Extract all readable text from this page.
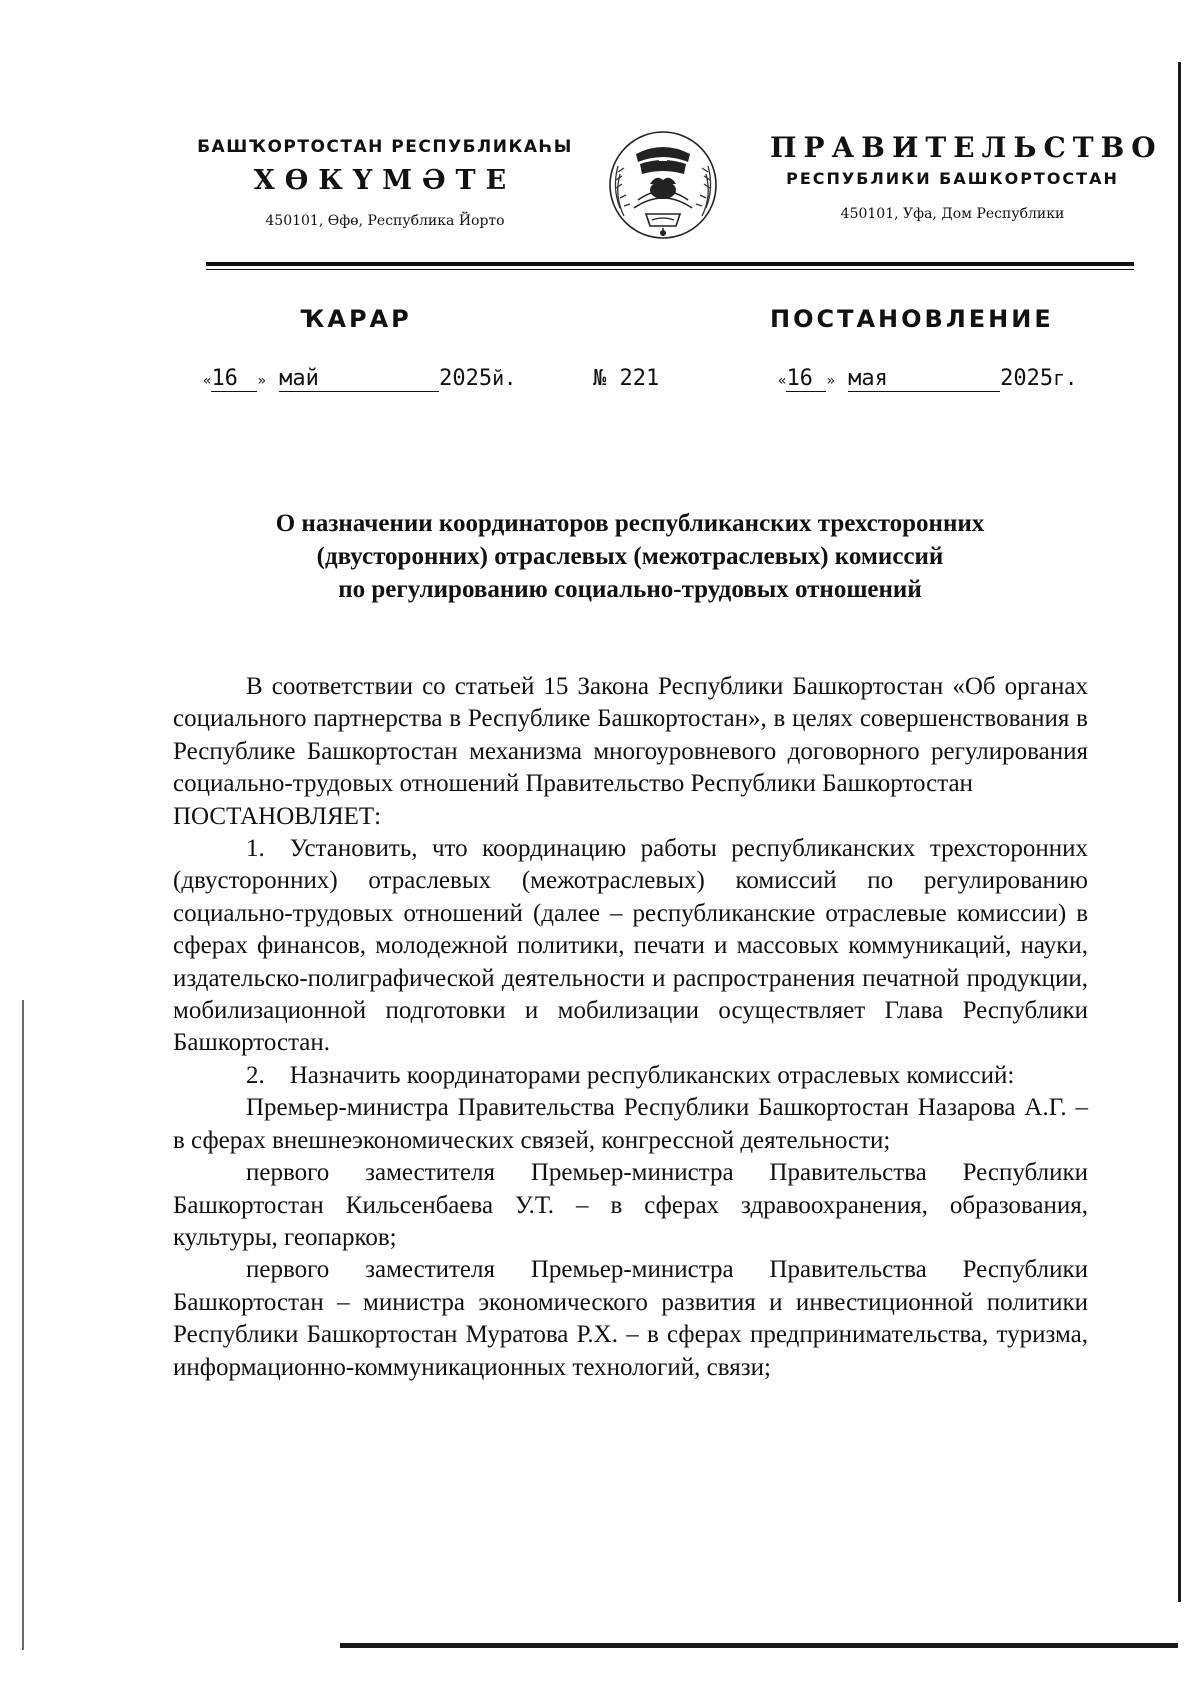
БАШҠОРТОСТАН РЕСПУБЛИКАҺЫ
ХӨКҮМӘТЕ
450101, Өфө, Республика Йорто
ПРАВИТЕЛЬСТВО
РЕСПУБЛИКИ БАШКОРТОСТАН
450101, Уфа, Дом Республики
ҠАРАР	ПОСТАНОВЛЕНИЕ
«16 » май	2025й.	№ 221	«16 » мая	2025г.
О назначении координаторов республиканских трехсторонних
(двусторонних) отраслевых (межотраслевых) комиссий
по регулированию социально-трудовых отношений

В соответствии со статьей 15 Закона Республики Башкортостан «Об органах социального партнерства в Республике Башкортостан», в целях совершенствования в Республике Башкортостан механизма многоуровневого договорного регулирования социально-трудовых отношений Правительство Республики Башкортостан

ПОСТАНОВЛЯЕТ:

1. Установить, что координацию работы республиканских трехсторонних (двусторонних) отраслевых (межотраслевых) комиссий по регулированию социально-трудовых отношений (далее – республиканские отраслевые комиссии) в сферах финансов, молодежной политики, печати и массовых коммуникаций, науки, издательско-полиграфической деятельности и распространения печатной продукции, мобилизационной подготовки и мобилизации осуществляет Глава Республики Башкортостан.

2. Назначить координаторами республиканских отраслевых комиссий:

Премьер-министра Правительства Республики Башкортостан Назарова А.Г. – в сферах внешнеэкономических связей, конгрессной деятельности;

первого заместителя Премьер-министра Правительства Республики Башкортостан Кильсенбаева У.Т. – в сферах здравоохранения, образования, культуры, геопарков;

первого заместителя Премьер-министра Правительства Республики Башкортостан – министра экономического развития и инвестиционной политики Республики Башкортостан Муратова Р.Х. – в сферах предпринимательства, туризма, информационно-коммуникационных технологий, связи;
